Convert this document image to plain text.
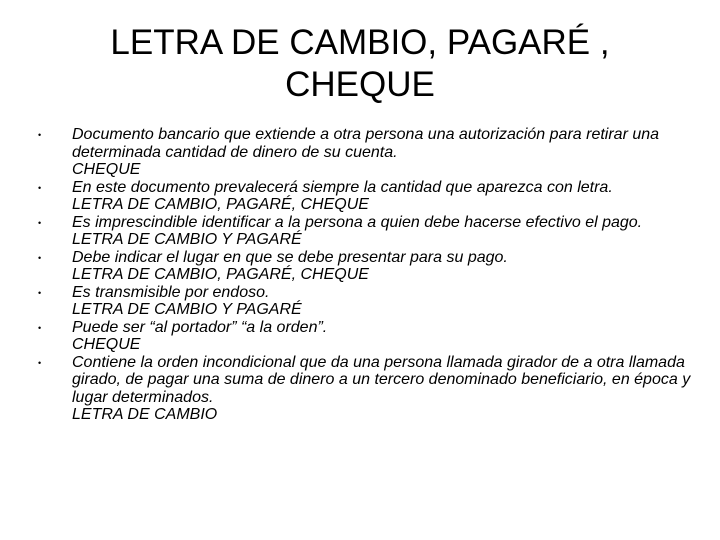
LETRA DE CAMBIO, PAGARÉ ,
CHEQUE
• Documento bancario que extiende a otra persona una autorización para retirar una determinada cantidad de dinero de su cuenta.
CHEQUE
• En este documento prevalecerá siempre la cantidad que aparezca con letra.
LETRA DE CAMBIO, PAGARÉ, CHEQUE
• Es imprescindible identificar a la persona a quien debe hacerse efectivo el pago.
LETRA DE CAMBIO Y PAGARÉ
• Debe indicar el lugar en que se debe presentar para su pago.
LETRA DE CAMBIO, PAGARÉ, CHEQUE
• Es transmisible por endoso.
LETRA DE CAMBIO Y PAGARÉ
• Puede ser “al portador” “a la orden”.
CHEQUE
• Contiene la orden incondicional que da una persona llamada girador de a otra llamada girado, de pagar una suma de dinero a un tercero denominado beneficiario, en época y lugar determinados.
LETRA DE CAMBIO
